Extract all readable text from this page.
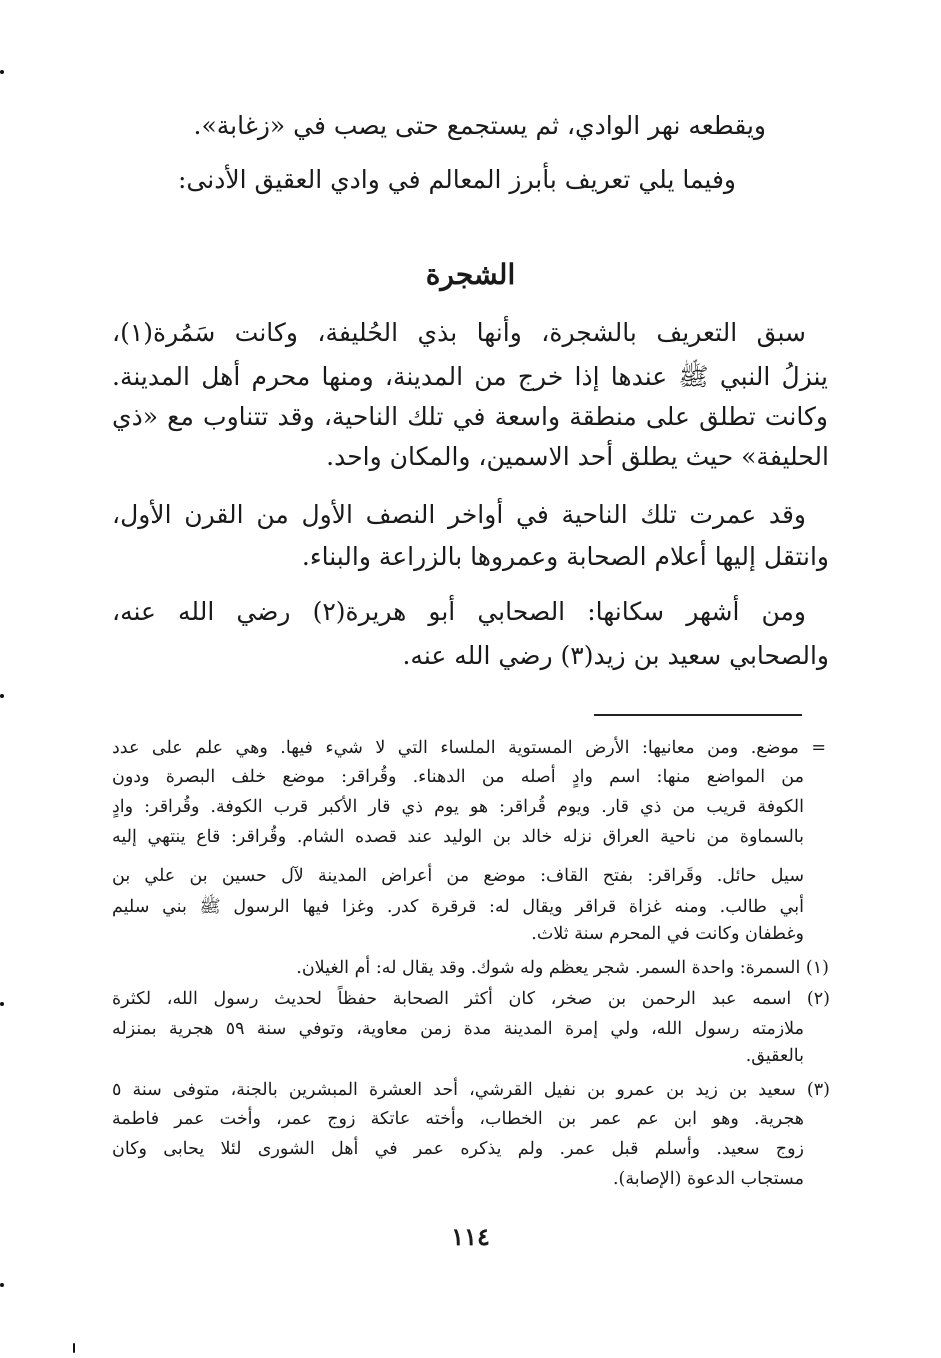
ويقطعه نهر الوادي، ثم يستجمع حتى يصب في «زغابة».
وفيما يلي تعريف بأبرز المعالم في وادي العقيق الأدنى:
الشجرة
سبق التعريف بالشجرة، وأنها بذي الحُليفة، وكانت سَمُرة(١)،
ينزلُ النبي ﷺ عندها إذا خرج من المدينة، ومنها محرم أهل المدينة.
وكانت تطلق على منطقة واسعة في تلك الناحية، وقد تتناوب مع «ذي
الحليفة» حيث يطلق أحد الاسمين، والمكان واحد.
وقد عمرت تلك الناحية في أواخر النصف الأول من القرن الأول،
وانتقل إليها أعلام الصحابة وعمروها بالزراعة والبناء.
ومن أشهر سكانها: الصحابي أبو هريرة(٢) رضي الله عنه،
والصحابي سعيد بن زيد(٣) رضي الله عنه.
= موضع. ومن معانيها: الأرض المستوية الملساء التي لا شيء فيها. وهي علم على عدد
من المواضع منها: اسم وادٍ أصله من الدهناء. وقُراقر: موضع خلف البصرة ودون
الكوفة قريب من ذي قار. ويوم قُراقر: هو يوم ذي قار الأكبر قرب الكوفة. وقُراقر: وادٍ
بالسماوة من ناحية العراق نزله خالد بن الوليد عند قصده الشام. وقُراقر: قاع ينتهي إليه
سيل حائل. وقَراقر: بفتح القاف: موضع من أعراض المدينة لآل حسين بن علي بن
أبي طالب. ومنه غزاة قراقر ويقال له: قرقرة كدر. وغزا فيها الرسول ﷺ بني سليم
وغطفان وكانت في المحرم سنة ثلاث.
(١) السمرة: واحدة السمر. شجر يعظم وله شوك. وقد يقال له: أم الغيلان.
(٢) اسمه عبد الرحمن بن صخر، كان أكثر الصحابة حفظاً لحديث رسول الله، لكثرة
ملازمته رسول الله، ولي إمرة المدينة مدة زمن معاوية، وتوفي سنة ٥٩ هجرية بمنزله
بالعقيق.
(٣) سعيد بن زيد بن عمرو بن نفيل القرشي، أحد العشرة المبشرين بالجنة، متوفى سنة ٥
هجرية. وهو ابن عم عمر بن الخطاب، وأخته عاتكة زوج عمر، وأخت عمر فاطمة
زوج سعيد. وأسلم قبل عمر. ولم يذكره عمر في أهل الشورى لئلا يحابى وكان
مستجاب الدعوة (الإصابة).
١١٤
